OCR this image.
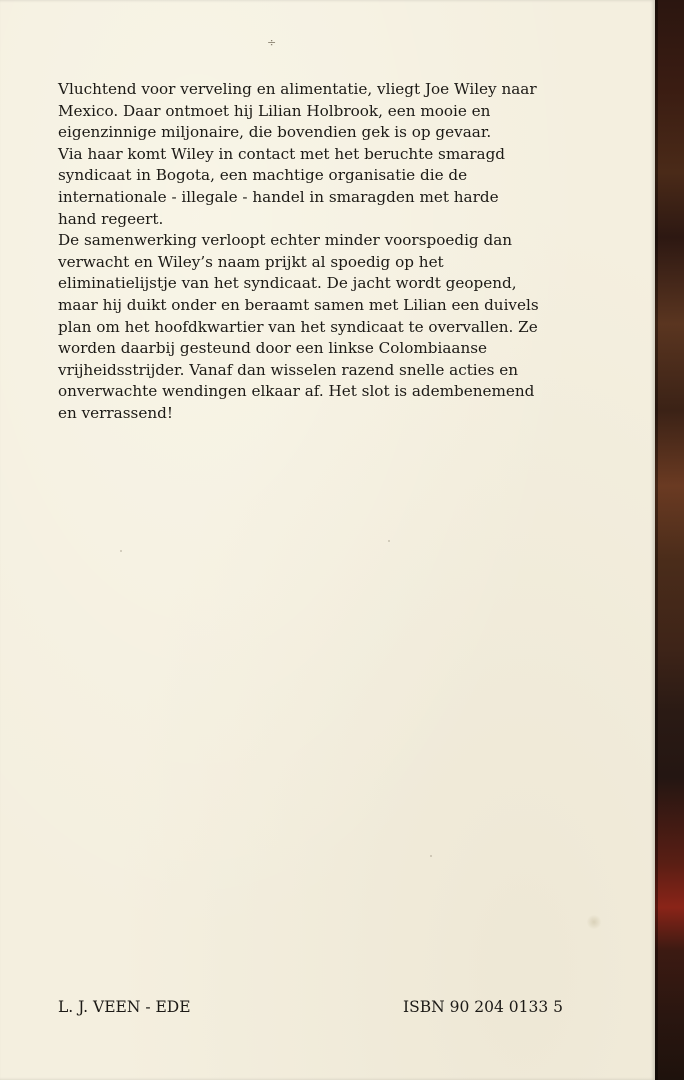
÷

Vluchtend voor verveling en alimentatie, vliegt Joe Wiley naar
Mexico. Daar ontmoet hij Lilian Holbrook, een mooie en
eigenzinnige miljonaire, die bovendien gek is op gevaar.
Via haar komt Wiley in contact met het beruchte smaragd
syndicaat in Bogota, een machtige organisatie die de
internationale - illegale - handel in smaragden met harde
hand regeert.
De samenwerking verloopt echter minder voorspoedig dan
verwacht en Wiley’s naam prijkt al spoedig op het
eliminatielijstje van het syndicaat. De jacht wordt geopend,
maar hij duikt onder en beraamt samen met Lilian een duivels
plan om het hoofdkwartier van het syndicaat te overvallen. Ze
worden daarbij gesteund door een linkse Colombiaanse
vrijheidsstrijder. Vanaf dan wisselen razend snelle acties en
onverwachte wendingen elkaar af. Het slot is adembenemend
en verrassend!

L. J. VEEN - EDE	ISBN 90 204 0133 5
